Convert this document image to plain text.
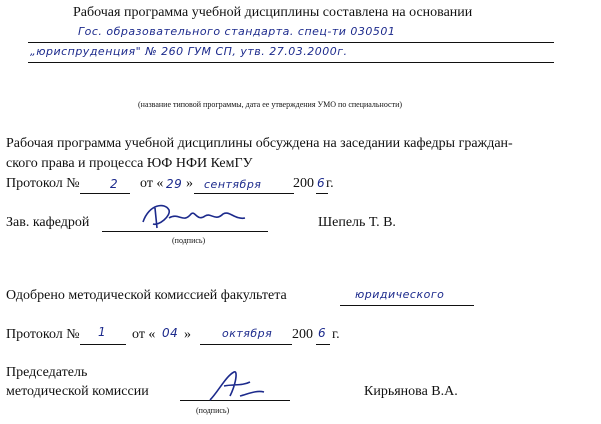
Рабочая программа учебной дисциплины составлена на основании
Гос. образовательного стандарта. спец-ти 030501
„юриспруденция" № 260 ГУМ СП, утв. 27.03.2000г.
(название типовой программы, дата ее утверждения УМО по специальности)
Рабочая программа учебной дисциплины обсуждена на заседании кафедры граждан-
ского права и процесса ЮФ НФИ КемГУ
Протокол №	2 от « 29 » сентября 200 6 г.
Зав. кафедрой
(подпись)
Шепель Т. В.
Одобрено методической комиссией факультета	юридического
Протокол № 1 от « 04 »	октября 200 6 г.
Председатель
методической комиссии
(подпись)
Кирьянова В.А.
